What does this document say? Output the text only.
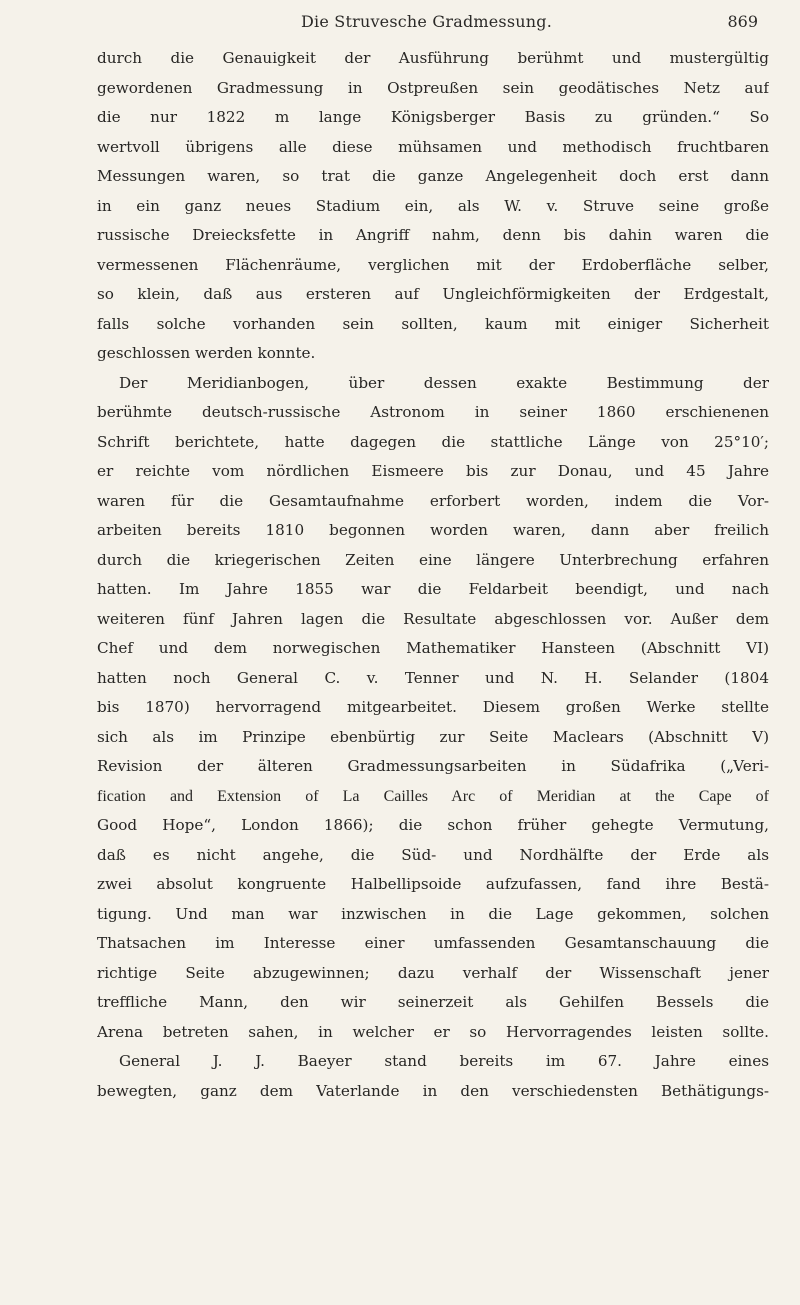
Die Struvesche Gradmessung.	869
durch die Genauigkeit der Ausführung berühmt und mustergültig
gewordenen Gradmessung in Ostpreußen sein geodätisches Netz auf
die nur 1822 m lange Königsberger Basis zu gründen.“ So
wertvoll übrigens alle diese mühsamen und methodisch fruchtbaren
Messungen waren, so trat die ganze Angelegenheit doch erst dann
in ein ganz neues Stadium ein, als W. v. Struve seine große
russische Dreiecksfette in Angriff nahm, denn bis dahin waren die
vermessenen Flächenräume, verglichen mit der Erdoberfläche selber,
so klein, daß aus ersteren auf Ungleichförmigkeiten der Erdgestalt,
falls solche vorhanden sein sollten, kaum mit einiger Sicherheit
geschlossen werden konnte.
Der Meridianbogen, über dessen exakte Bestimmung der
berühmte deutsch-russische Astronom in seiner 1860 erschienenen
Schrift berichtete, hatte dagegen die stattliche Länge von 25°10′;
er reichte vom nördlichen Eismeere bis zur Donau, und 45 Jahre
waren für die Gesamtaufnahme erforbert worden, indem die Vor-
arbeiten bereits 1810 begonnen worden waren, dann aber freilich
durch die kriegerischen Zeiten eine längere Unterbrechung erfahren
hatten. Im Jahre 1855 war die Feldarbeit beendigt, und nach
weiteren fünf Jahren lagen die Resultate abgeschlossen vor. Außer dem
Chef und dem norwegischen Mathematiker Hansteen (Abschnitt VI)
hatten noch General C. v. Tenner und N. H. Selander (1804
bis 1870) hervorragend mitgearbeitet. Diesem großen Werke stellte
sich als im Prinzipe ebenbürtig zur Seite Maclears (Abschnitt V)
Revision der älteren Gradmessungsarbeiten in Südafrika („Veri-
fication and Extension of La Cailles Arc of Meridian at the Cape of
Good Hope“, London 1866); die schon früher gehegte Vermutung,
daß es nicht angehe, die Süd- und Nordhälfte der Erde als
zwei absolut kongruente Halbellipsoide aufzufassen, fand ihre Bestä-
tigung. Und man war inzwischen in die Lage gekommen, solchen
Thatsachen im Interesse einer umfassenden Gesamtanschauung die
richtige Seite abzugewinnen; dazu verhalf der Wissenschaft jener
treffliche Mann, den wir seinerzeit als Gehilfen Bessels die
Arena betreten sahen, in welcher er so Hervorragendes leisten sollte.
General J. J. Baeyer stand bereits im 67. Jahre eines
bewegten, ganz dem Vaterlande in den verschiedensten Bethätigungs-
